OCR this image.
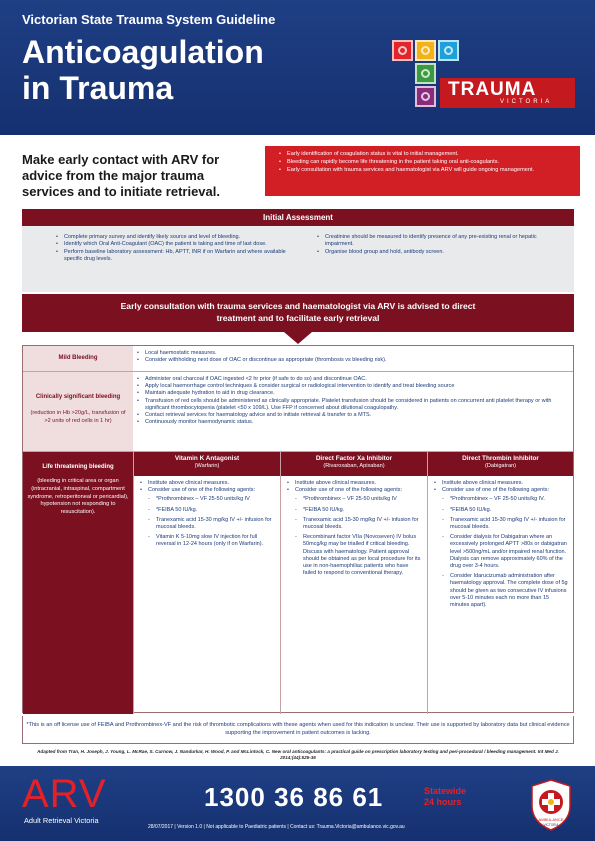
Victorian State Trauma System Guideline
Anticoagulation
in Trauma	TRAUMA
VICTORIA
Make early contact with ARV for advice from the major trauma services and to initiate retrieval.
• Early identification of coagulation status is vital to initial management.
• Bleeding can rapidly become life threatening in the patient taking oral anti-coagulants.
• Early consultation with trauma services and haematologist via ARV will guide ongoing management.
Initial Assessment
• Complete primary survey and identify likely source and level of bleeding.
• Identify which Oral Anti-Coagulant (OAC) the patient is taking and time of last dose.
• Perform baseline laboratory assessment: Hb, APTT, INR if on Warfarin and where available specific drug levels.
• Creatinine should be measured to identify presence of any pre-existing renal or hepatic impairment.
• Organise blood group and hold, antibody screen.
Early consultation with trauma services and haematologist via ARV is advised to direct
treatment and to facilitate early retrieval
Mild Bleeding
• Local haemostatic measures.
• Consider withholding next dose of OAC or discontinue as appropriate (thrombosis vs bleeding risk).
Clinically significant bleeding
(reduction in Hb >20g/L, transfusion of >2 units of red cells in 1 hr)
• Administer oral charcoal if OAC ingested <2 hr prior (if safe to do so) and discontinue OAC.
• Apply local haemorrhage control techniques & consider surgical or radiological intervention to identify and treat bleeding source
• Maintain adequate hydration to aid in drug clearance.
• Transfusion of red cells should be administered as clinically appropriate. Platelet transfusion should be considered in patients on concurrent anti platelet therapy or with significant thrombocytopenia (platelet <50 x 109/L). Use FFP if concerned about dilutional coagulopathy.
• Contact retrieval services for haematology advice and to initiate retrieval & transfer to a MTS.
• Continuously monitor haemodynamic status.
Life threatening bleeding
(bleeding in critical area or organ (intracranial, intraspinal, compartment syndrome, retroperitoneal or pericardial), hypotension not responding to resuscitation).
Vitamin K Antagonist
(Warfarin)
• Institute above clinical measures.
• Consider use of one of the following agents:
- *Prothrombinex – VF 25-50 units/kg IV
- *FEIBA 50 IU/kg.
- Tranexamic acid 15-30 mg/kg IV +/- infusion for mucosal bleeds.
- Vitamin K 5-10mg slow IV injection for full reversal in 12-24 hours (only if on Warfarin).
Direct Factor Xa Inhibitor
(Rivaroxaban, Apixaban)
• Institute above clinical measures.
• Consider use of one of the following agents:
- *Prothrombinex – VF 25-50 units/kg IV
- *FEIBA 50 IU/kg.
- Tranexamic acid 15-30 mg/kg IV +/- infusion for mucosal bleeds.
- Recombinant factor VIIa (Novoseven) IV bolus 50mcg/kg may be trialled if critical bleeding. Discuss with haematology. Patient approval should be obtained as per local procedure for its use in non-haemophiliac patients who have failed to respond to conventional therapy.
Direct Thrombin Inhibitor
(Dabigatran)
• Institute above clinical measures.
• Consider use of one of the following agents:
- *Prothrombinex – VF 25-50 units/kg IV.
- *FEIBA 50 IU/kg.
- Tranexamic acid 15-30 mg/kg IV +/- infusion for mucosal bleeds.
- Consider dialysis for Dabigatran where an excessively prolonged APTT >80s or dabigatran level >500ng/mL and/or impaired renal function. Dialysis can remove approximately 60% of the drug over 3-4 hours.
- Consider Idarucizumab administration after haematology approval. The complete dose of 5g should be given as two consecutive IV infusions over 5-10 minutes each no more than 15 minutes apart).
*This is an off license use of FEIBA and Prothrombinex-VF and the risk of thrombotic complications with these agents when used for this indication is unclear. Their use is supported by laboratory data but clinical evidence supporting the improvement in patient outcomes is lacking.
Adapted from Tran, H. Joseph, J. Young, L. McRae, S. Curnow, J. Nandurkar, H. Wood, P. and McLintock, C. New oral anticoagulants: a practical guide on prescription laboratory testing and peri-procedural / bleeding management. Int Med J. 2014;(44):525-36
ARV
Adult Retrieval Victoria
1300 36 86 61	Statewide
24 hours
28/07/2017 | Version 1.0 | Not applicable to Paediatric patients | Contact us: Trauma.Victoria@ambulance.vic.gov.au
AMBULANCE
VICTORIA
